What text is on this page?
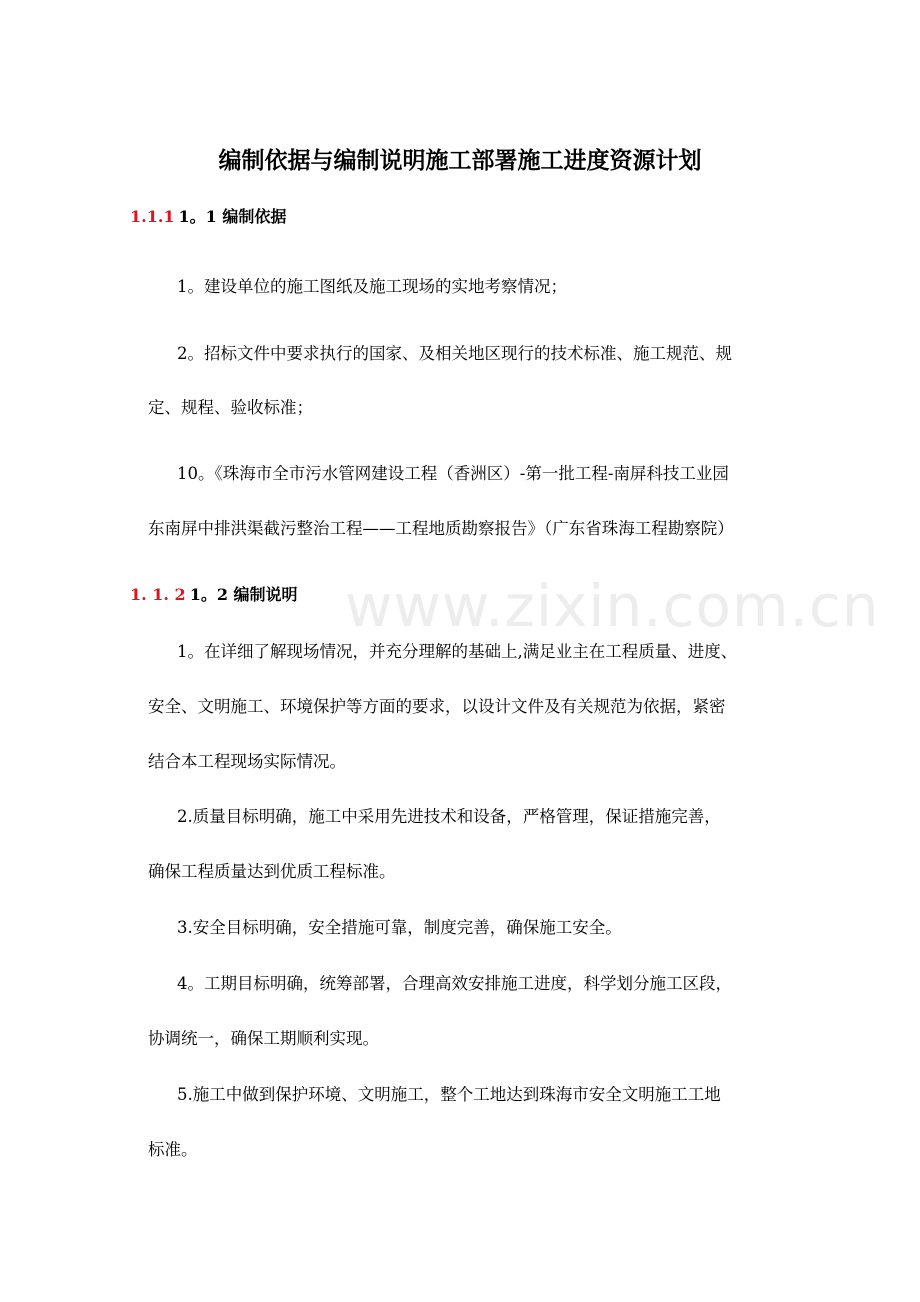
www.zixin.com.cn
编制依据与编制说明施工部署施工进度资源计划
1.1.1 1。1 编制依据
1。建设单位的施工图纸及施工现场的实地考察情况；
2。招标文件中要求执行的国家、及相关地区现行的技术标准、施工规范、规
定、规程、验收标准；
10。《珠海市全市污水管网建设工程（香洲区）-第一批工程-南屏科技工业园
东南屏中排洪渠截污整治工程——工程地质勘察报告》（广东省珠海工程勘察院）
1. 1. 2 1。2 编制说明
1。在详细了解现场情况，并充分理解的基础上,满足业主在工程质量、进度、
安全、文明施工、环境保护等方面的要求，以设计文件及有关规范为依据，紧密
结合本工程现场实际情况。
2.质量目标明确，施工中采用先进技术和设备，严格管理，保证措施完善，
确保工程质量达到优质工程标准。
3.安全目标明确，安全措施可靠，制度完善，确保施工安全。
4。工期目标明确，统筹部署，合理高效安排施工进度，科学划分施工区段，
协调统一，确保工期顺利实现。
5.施工中做到保护环境、文明施工，整个工地达到珠海市安全文明施工工地
标准。
